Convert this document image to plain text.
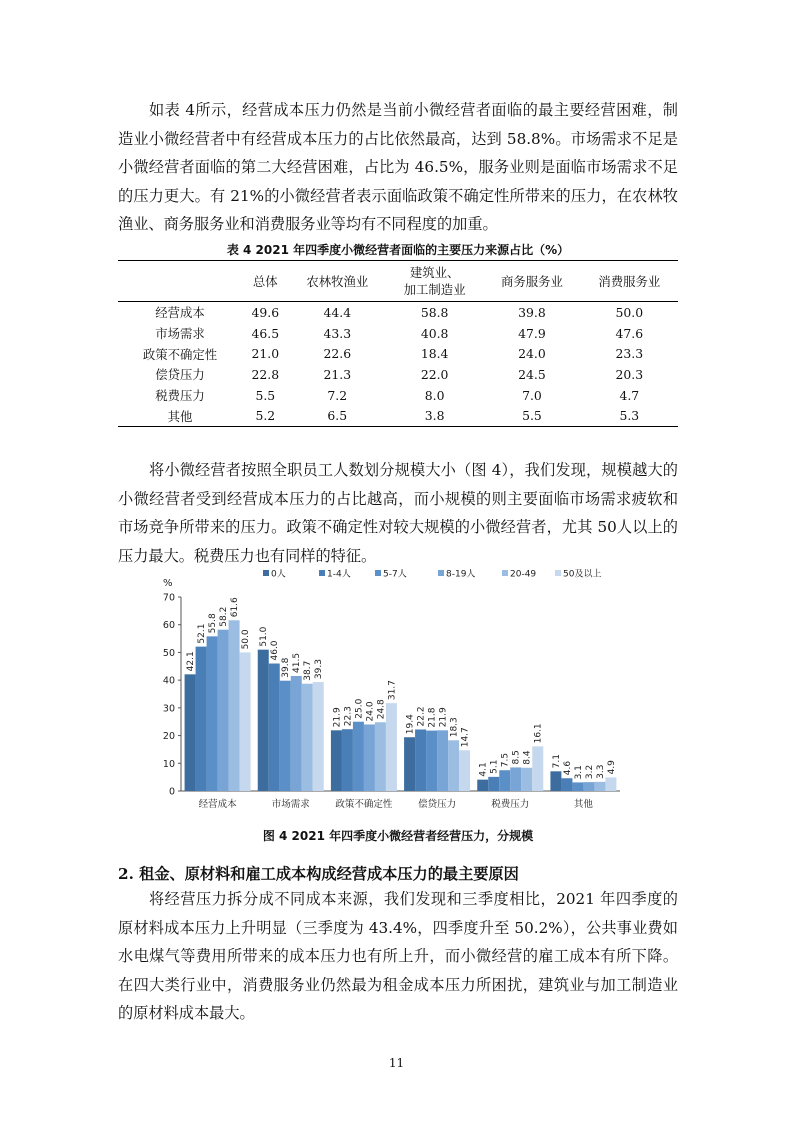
如表 4所示，经营成本压力仍然是当前小微经营者面临的最主要经营困难，制造业小微经营者中有经营成本压力的占比依然最高，达到 58.8%。市场需求不足是小微经营者面临的第二大经营困难，占比为 46.5%，服务业则是面临市场需求不足的压力更大。有 21%的小微经营者表示面临政策不确定性所带来的压力，在农林牧渔业、商务服务业和消费服务业等均有不同程度的加重。

表 4 2021 年四季度小微经营者面临的主要压力来源占比（%）

	总体	农林牧渔业	建筑业、
加工制造业	商务服务业	消费服务业
经营成本	49.6	44.4	58.8	39.8	50.0
市场需求	46.5	43.3	40.8	47.9	47.6
政策不确定性	21.0	22.6	18.4	24.0	23.3
偿贷压力	22.8	21.3	22.0	24.5	20.3
税费压力	5.5	7.2	8.0	7.0	4.7
其他	5.2	6.5	3.8	5.5	5.3

将小微经营者按照全职员工人数划分规模大小（图 4），我们发现，规模越大的小微经营者受到经营成本压力的占比越高，而小规模的则主要面临市场需求疲软和市场竞争所带来的压力。政策不确定性对较大规模的小微经营者，尤其 50人以上的压力最大。税费压力也有同样的特征。

%
0
10
20
30
40
50
60
70
0人	1-4人	5-7人	8-19人	20-49	50及以上
42.1
52.1
55.8 58.2 61.6
50.0
经营成本
51.0
46.0
39.8 41.5 38.7 39.3
市场需求
21.9 22.3 25.0 24.0 24.8
31.7
政策不确定性
19.4 22.2 21.8 21.9 18.3 14.7
偿贷压力
4.1 5.1 7.5 8.5 8.4
16.1
税费压力
7.1 4.6 3.1 3.2 3.3 4.9
其他

图 4 2021 年四季度小微经营者经营压力，分规模

2. 租金、原材料和雇工成本构成经营成本压力的最主要原因

将经营压力拆分成不同成本来源，我们发现和三季度相比，2021 年四季度的原材料成本压力上升明显（三季度为 43.4%，四季度升至 50.2%），公共事业费如水电煤气等费用所带来的成本压力也有所上升，而小微经营的雇工成本有所下降。在四大类行业中，消费服务业仍然最为租金成本压力所困扰，建筑业与加工制造业的原材料成本最大。

11
